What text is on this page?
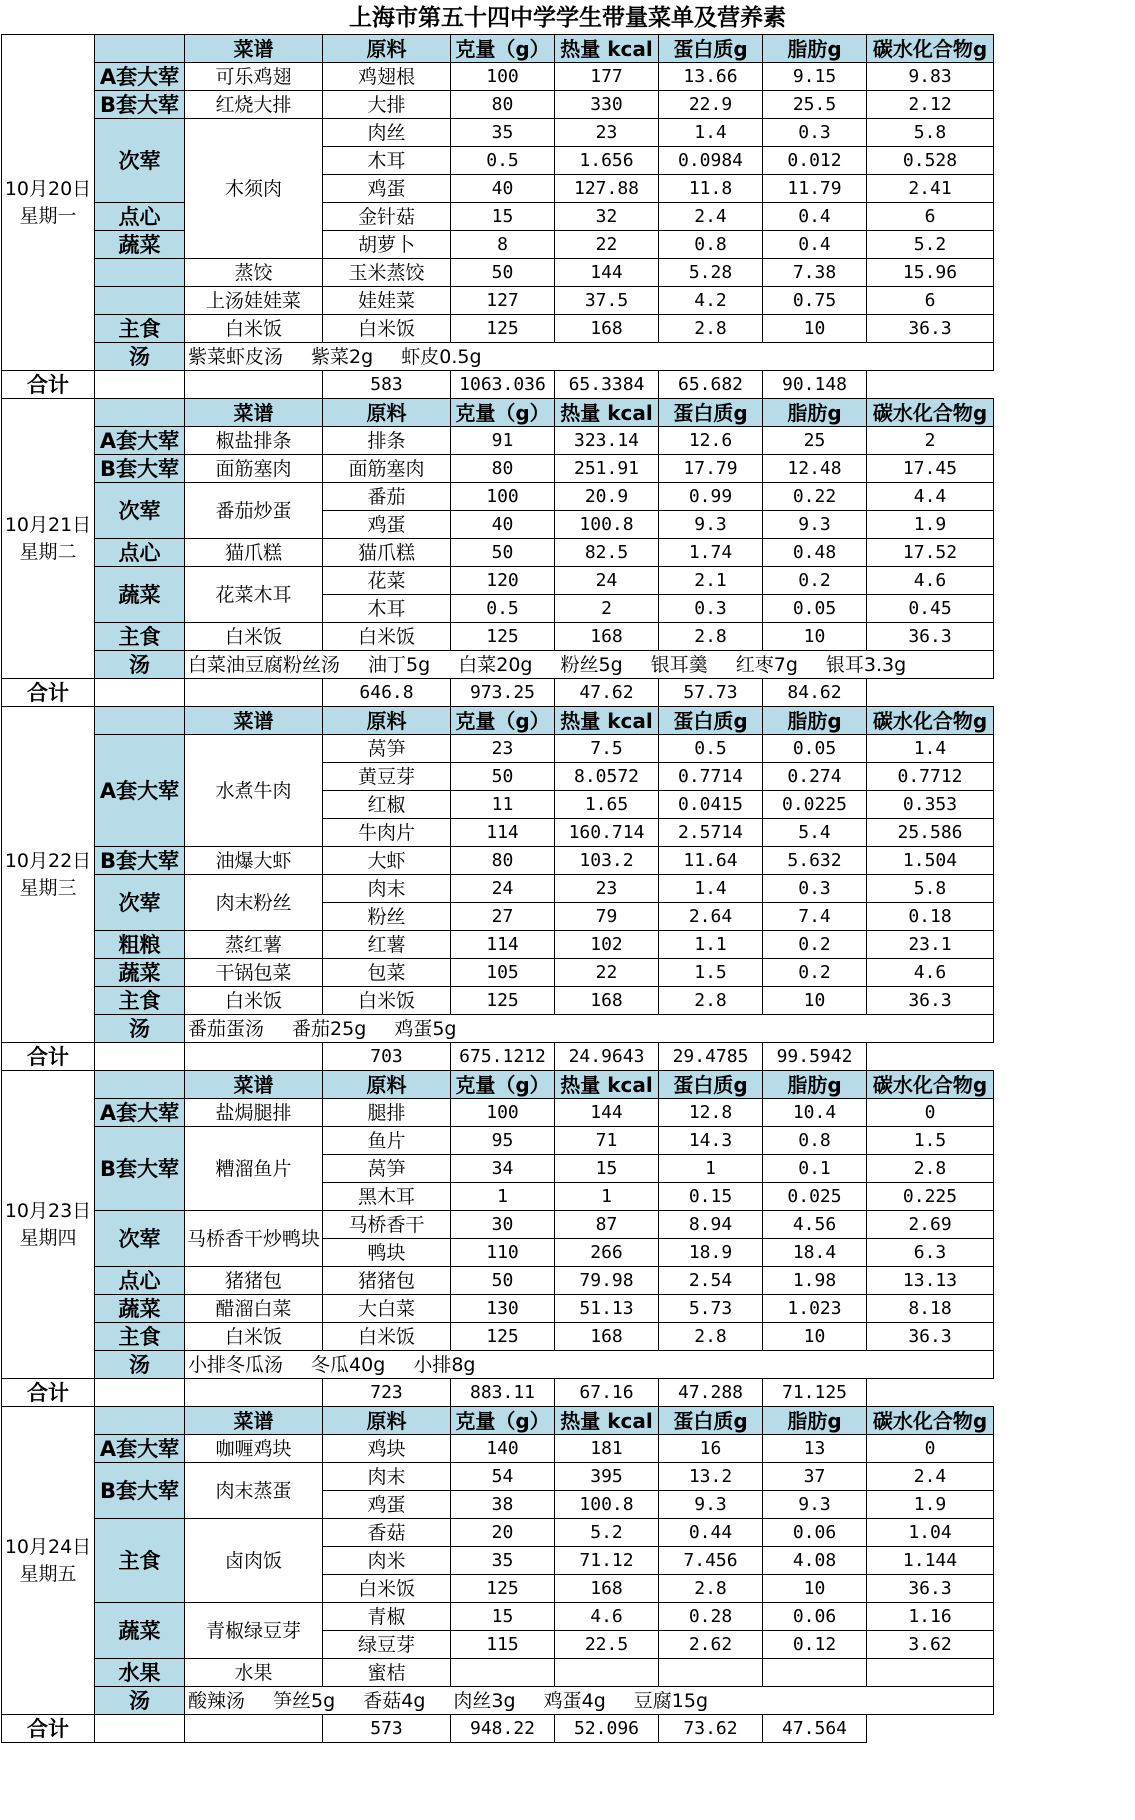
上海市第五十四中学学生带量菜单及营养素
10月20日
星期一		菜谱	原料	克量（g）	热量 kcal	蛋白质g	脂肪g	碳水化合物g
	A套大荤	可乐鸡翅	鸡翅根	100	177	13.66	9.15	9.83
	B套大荤	红烧大排	大排	80	330	22.9	25.5	2.12
	次荤	木须肉	肉丝	35	23	1.4	0.3	5.8
			木耳	0.5	1.656	0.0984	0.012	0.528
			鸡蛋	40	127.88	11.8	11.79	2.41
	点心		金针菇	15	32	2.4	0.4	6
	蔬菜		胡萝卜	8	22	0.8	0.4	5.2
		蒸饺	玉米蒸饺	50	144	5.28	7.38	15.96
		上汤娃娃菜	娃娃菜	127	37.5	4.2	0.75	6
	主食	白米饭	白米饭	125	168	2.8	10	36.3
	汤	紫菜虾皮汤 紫菜2g 虾皮0.5g						
合计			583	1063.036	65.3384	65.682	90.148	
10月21日
星期二		菜谱	原料	克量（g）	热量 kcal	蛋白质g	脂肪g	碳水化合物g
	A套大荤	椒盐排条	排条	91	323.14	12.6	25	2
	B套大荤	面筋塞肉	面筋塞肉	80	251.91	17.79	12.48	17.45
	次荤	番茄炒蛋	番茄	100	20.9	0.99	0.22	4.4
			鸡蛋	40	100.8	9.3	9.3	1.9
	点心	猫爪糕	猫爪糕	50	82.5	1.74	0.48	17.52
	蔬菜	花菜木耳	花菜	120	24	2.1	0.2	4.6
			木耳	0.5	2	0.3	0.05	0.45
	主食	白米饭	白米饭	125	168	2.8	10	36.3
	汤	白菜油豆腐粉丝汤 油丁5g 白菜20g 粉丝5g 银耳羹 红枣7g 银耳3.3g						
合计			646.8	973.25	47.62	57.73	84.62	
10月22日
星期三		菜谱	原料	克量（g）	热量 kcal	蛋白质g	脂肪g	碳水化合物g
	A套大荤	水煮牛肉	莴笋	23	7.5	0.5	0.05	1.4
			黄豆芽	50	8.0572	0.7714	0.274	0.7712
			红椒	11	1.65	0.0415	0.0225	0.353
			牛肉片	114	160.714	2.5714	5.4	25.586
	B套大荤	油爆大虾	大虾	80	103.2	11.64	5.632	1.504
	次荤	肉末粉丝	肉末	24	23	1.4	0.3	5.8
			粉丝	27	79	2.64	7.4	0.18
	粗粮	蒸红薯	红薯	114	102	1.1	0.2	23.1
	蔬菜	干锅包菜	包菜	105	22	1.5	0.2	4.6
	主食	白米饭	白米饭	125	168	2.8	10	36.3
	汤	番茄蛋汤 番茄25g 鸡蛋5g						
合计			703	675.1212	24.9643	29.4785	99.5942	
10月23日
星期四		菜谱	原料	克量（g）	热量 kcal	蛋白质g	脂肪g	碳水化合物g
	A套大荤	盐焗腿排	腿排	100	144	12.8	10.4	0
	B套大荤	糟溜鱼片	鱼片	95	71	14.3	0.8	1.5
			莴笋	34	15	1	0.1	2.8
			黑木耳	1	1	0.15	0.025	0.225
	次荤	马桥香干炒鸭块	马桥香干	30	87	8.94	4.56	2.69
			鸭块	110	266	18.9	18.4	6.3
	点心	猪猪包	猪猪包	50	79.98	2.54	1.98	13.13
	蔬菜	醋溜白菜	大白菜	130	51.13	5.73	1.023	8.18
	主食	白米饭	白米饭	125	168	2.8	10	36.3
	汤	小排冬瓜汤 冬瓜40g 小排8g						
合计			723	883.11	67.16	47.288	71.125	
10月24日
星期五		菜谱	原料	克量（g）	热量 kcal	蛋白质g	脂肪g	碳水化合物g
	A套大荤	咖喱鸡块	鸡块	140	181	16	13	0
	B套大荤	肉末蒸蛋	肉末	54	395	13.2	37	2.4
			鸡蛋	38	100.8	9.3	9.3	1.9
	主食	卤肉饭	香菇	20	5.2	0.44	0.06	1.04
			肉米	35	71.12	7.456	4.08	1.144
			白米饭	125	168	2.8	10	36.3
	蔬菜	青椒绿豆芽	青椒	15	4.6	0.28	0.06	1.16
			绿豆芽	115	22.5	2.62	0.12	3.62
	水果	水果	蜜桔					
	汤	酸辣汤 笋丝5g 香菇4g 肉丝3g 鸡蛋4g 豆腐15g						
合计			573	948.22	52.096	73.62	47.564	
